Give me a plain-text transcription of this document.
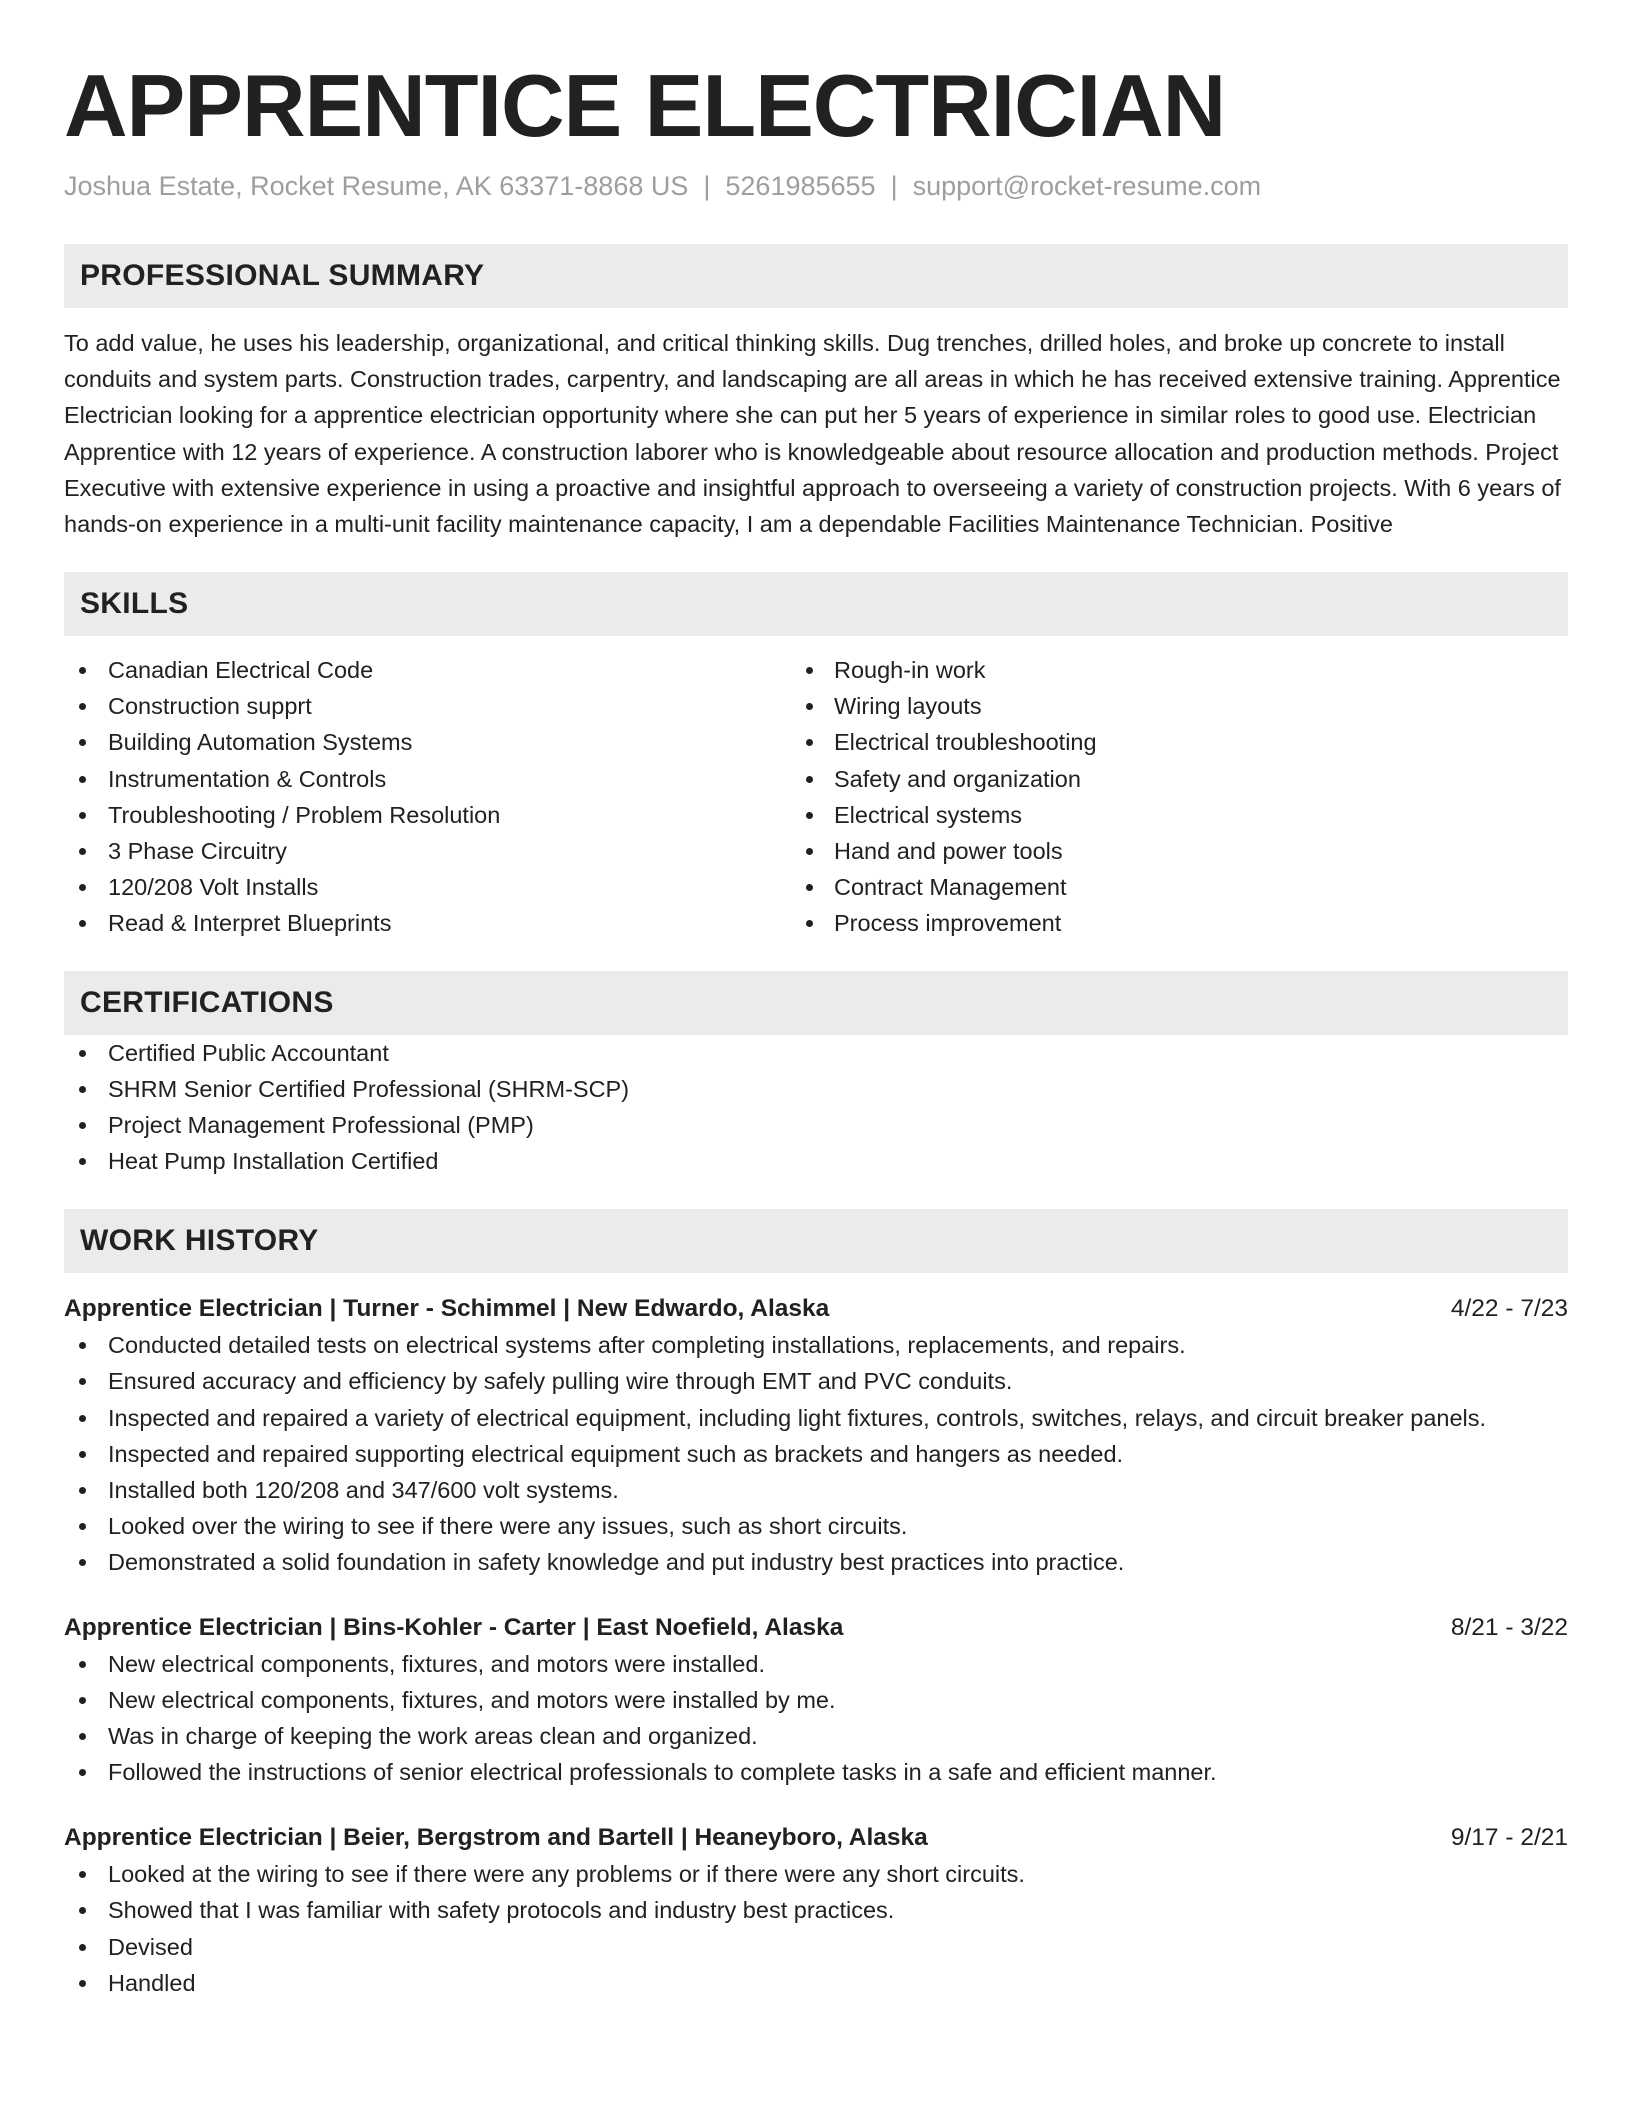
APPRENTICE ELECTRICIAN
Joshua Estate, Rocket Resume, AK 63371-8868 US | 5261985655 | support@rocket-resume.com
PROFESSIONAL SUMMARY

To add value, he uses his leadership, organizational, and critical thinking skills. Dug trenches, drilled holes, and broke up concrete to install conduits and system parts. Construction trades, carpentry, and landscaping are all areas in which he has received extensive training. Apprentice Electrician looking for a apprentice electrician opportunity where she can put her 5 years of experience in similar roles to good use. Electrician Apprentice with 12 years of experience. A construction laborer who is knowledgeable about resource allocation and production methods. Project Executive with extensive experience in using a proactive and insightful approach to overseeing a variety of construction projects. With 6 years of hands-on experience in a multi-unit facility maintenance capacity, I am a dependable Facilities Maintenance Technician. Positive

SKILLS
Canadian Electrical Code
Construction supprt
Building Automation Systems
Instrumentation & Controls
Troubleshooting / Problem Resolution
3 Phase Circuitry
120/208 Volt Installs
Read & Interpret Blueprints
Rough-in work
Wiring layouts
Electrical troubleshooting
Safety and organization
Electrical systems
Hand and power tools
Contract Management
Process improvement
CERTIFICATIONS
Certified Public Accountant
SHRM Senior Certified Professional (SHRM-SCP)
Project Management Professional (PMP)
Heat Pump Installation Certified
WORK HISTORY
Apprentice Electrician | Turner - Schimmel | New Edwardo, Alaska	4/22 - 7/23
Conducted detailed tests on electrical systems after completing installations, replacements, and repairs.
Ensured accuracy and efficiency by safely pulling wire through EMT and PVC conduits.
Inspected and repaired a variety of electrical equipment, including light fixtures, controls, switches, relays, and circuit breaker panels.
Inspected and repaired supporting electrical equipment such as brackets and hangers as needed.
Installed both 120/208 and 347/600 volt systems.
Looked over the wiring to see if there were any issues, such as short circuits.
Demonstrated a solid foundation in safety knowledge and put industry best practices into practice.
Apprentice Electrician | Bins-Kohler - Carter | East Noefield, Alaska	8/21 - 3/22
New electrical components, fixtures, and motors were installed.
New electrical components, fixtures, and motors were installed by me.
Was in charge of keeping the work areas clean and organized.
Followed the instructions of senior electrical professionals to complete tasks in a safe and efficient manner.
Apprentice Electrician | Beier, Bergstrom and Bartell | Heaneyboro, Alaska	9/17 - 2/21
Looked at the wiring to see if there were any problems or if there were any short circuits.
Showed that I was familiar with safety protocols and industry best practices.
Devised
Handled
